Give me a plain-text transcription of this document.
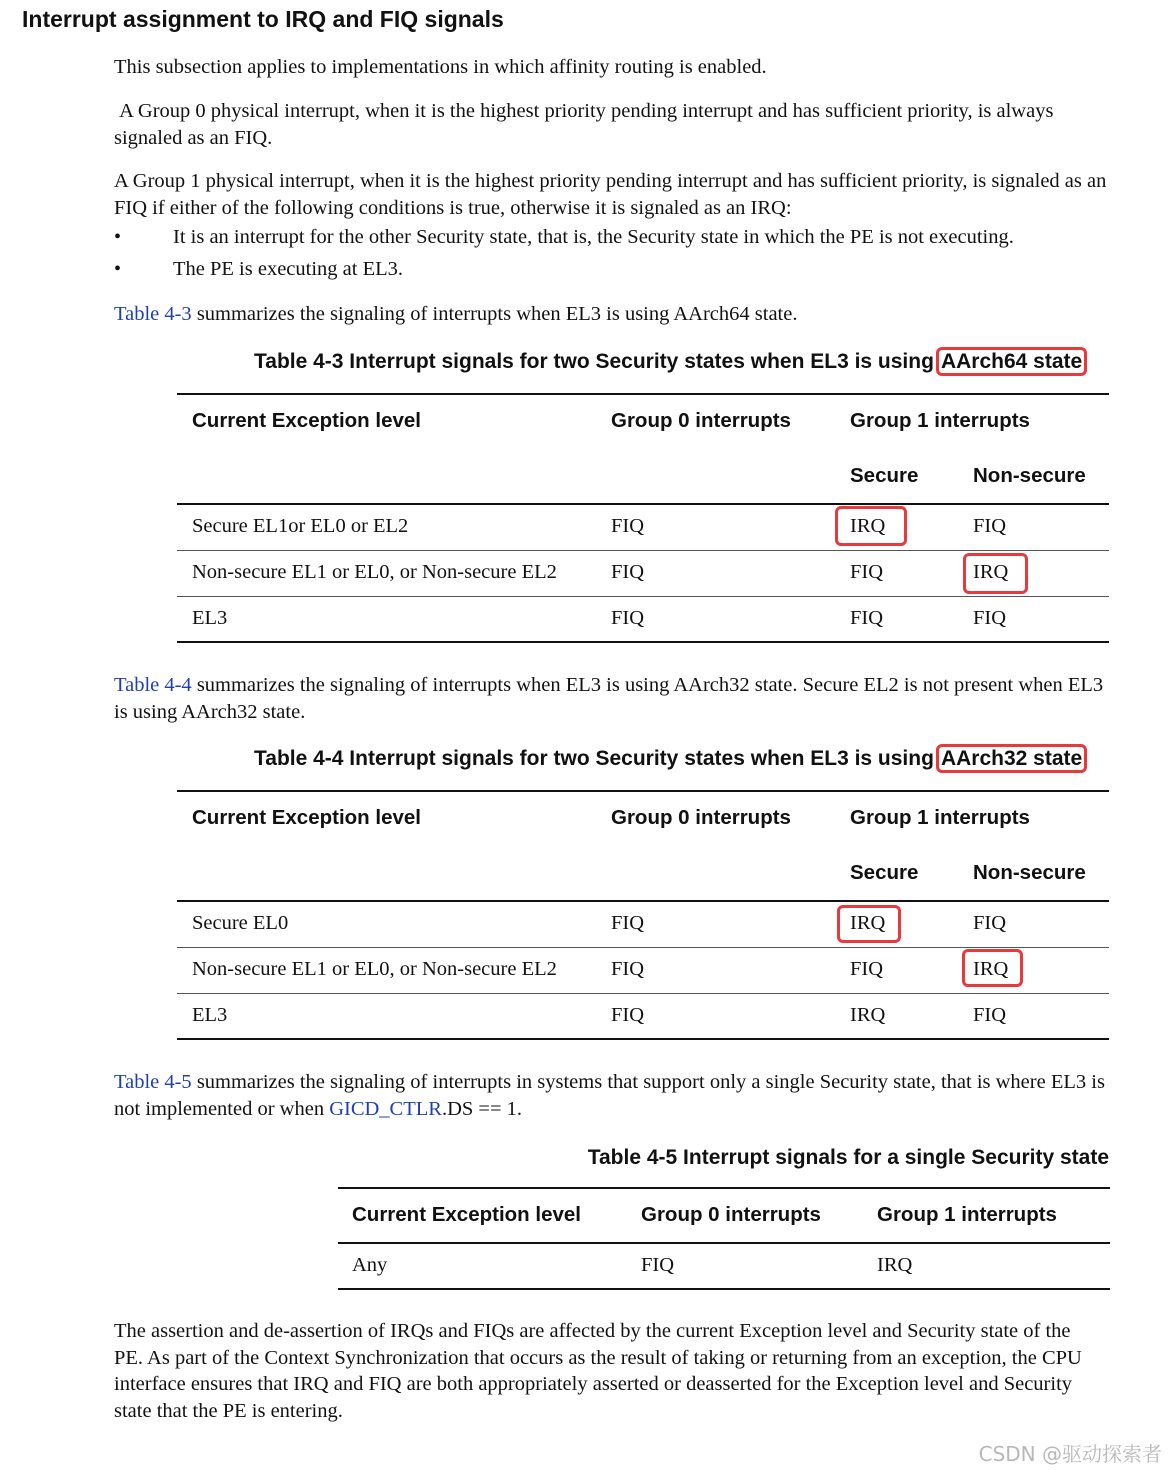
Interrupt assignment to IRQ and FIQ signals

This subsection applies to implementations in which affinity routing is enabled.

A Group 0 physical interrupt, when it is the highest priority pending interrupt and has sufficient priority, is always signaled as an FIQ.

A Group 1 physical interrupt, when it is the highest priority pending interrupt and has sufficient priority, is signaled as an FIQ if either of the following conditions is true, otherwise it is signaled as an IRQ:

•	It is an interrupt for the other Security state, that is, the Security state in which the PE is not executing.
•	The PE is executing at EL3.

Table 4-3 summarizes the signaling of interrupts when EL3 is using AArch64 state.

Table 4-3 Interrupt signals for two Security states when EL3 is using AArch64 state
Current Exception level	Group 0 interrupts	Group 1 interrupts
Secure	Non-secure
Secure EL1or EL0 or EL2	FIQ	IRQ	FIQ
Non-secure EL1 or EL0, or Non-secure EL2	FIQ	FIQ	IRQ
EL3	FIQ	FIQ	FIQ

Table 4-4 summarizes the signaling of interrupts when EL3 is using AArch32 state. Secure EL2 is not present when EL3 is using AArch32 state.

Table 4-4 Interrupt signals for two Security states when EL3 is using AArch32 state
Current Exception level	Group 0 interrupts	Group 1 interrupts
Secure	Non-secure
Secure EL0	FIQ	IRQ	FIQ
Non-secure EL1 or EL0, or Non-secure EL2	FIQ	FIQ	IRQ
EL3	FIQ	IRQ	FIQ

Table 4-5 summarizes the signaling of interrupts in systems that support only a single Security state, that is where EL3 is not implemented or when GICD_CTLR.DS == 1.

Table 4-5 Interrupt signals for a single Security state
Current Exception level	Group 0 interrupts	Group 1 interrupts
Any	FIQ	IRQ

The assertion and de-assertion of IRQs and FIQs are affected by the current Exception level and Security state of the PE. As part of the Context Synchronization that occurs as the result of taking or returning from an exception, the CPU interface ensures that IRQ and FIQ are both appropriately asserted or deasserted for the Exception level and Security state that the PE is entering.

CSDN @驱动探索者
